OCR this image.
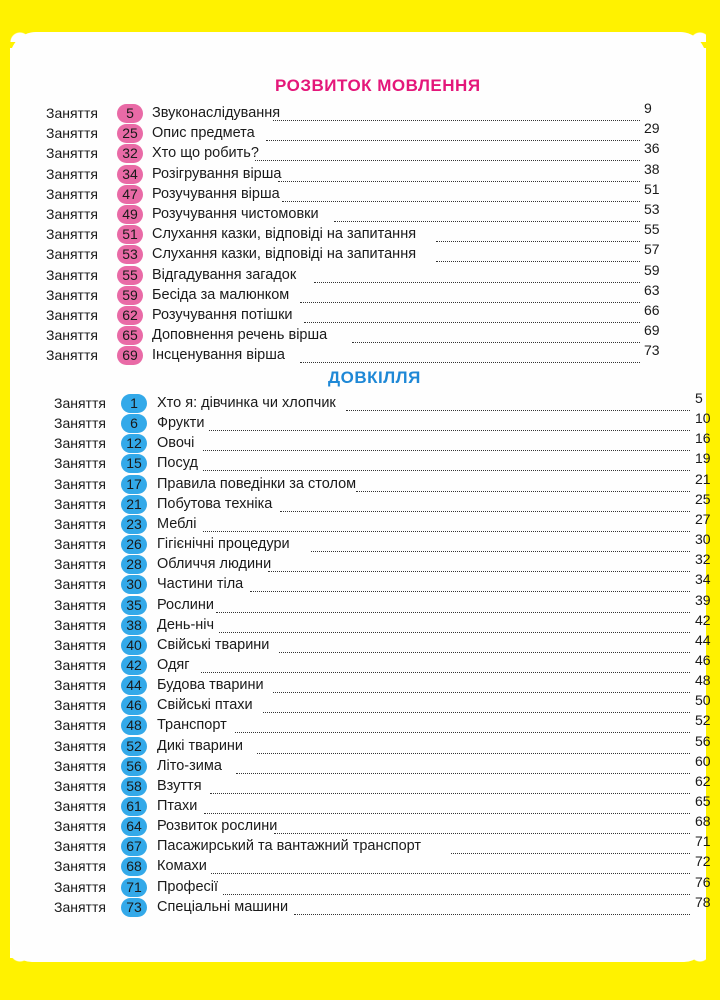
РОЗВИТОК МОВЛЕННЯ
ДОВКІЛЛЯ
Заняття	5	Звуконаслідування	9
Заняття	25 Опис предмета	29
Заняття	32 Хто що робить?	36
Заняття	34 Розігрування вірша	38
Заняття	47 Розучування вірша	51
Заняття	49 Розучування чистомовки	53
Заняття	51 Слухання казки, відповіді на запитання	55
Заняття	53 Слухання казки, відповіді на запитання	57
Заняття	55 Відгадування загадок	59
Заняття	59 Бесіда за малюнком	63
Заняття	62 Розучування потішки	66
Заняття	65 Доповнення речень вірша	69
Заняття	69 Інсценування вірша	73
Заняття	1	Хто я: дівчинка чи хлопчик	5
Заняття	6	Фрукти	10
Заняття	12	Овочі	16
Заняття	15	Посуд	19
Заняття	17	Правила поведінки за столом	21
Заняття	21	Побутова техніка	25
Заняття	23	Меблі	27
Заняття	26	Гігієнічні процедури	30
Заняття	28	Обличчя людини	32
Заняття	30	Частини тіла	34
Заняття	35	Рослини	39
Заняття	38	День-ніч	42
Заняття	40	Свійські тварини	44
Заняття	42	Одяг	46
Заняття	44	Будова тварини	48
Заняття	46	Свійські птахи	50
Заняття	48	Транспорт	52
Заняття	52	Дикі тварини	56
Заняття	56	Літо-зима	60
Заняття	58	Взуття	62
Заняття	61	Птахи	65
Заняття	64	Розвиток рослини	68
Заняття	67	Пасажирський та вантажний транспорт	71
Заняття	68	Комахи	72
Заняття	71	Професії	76
Заняття	73	Спеціальні машини	78
